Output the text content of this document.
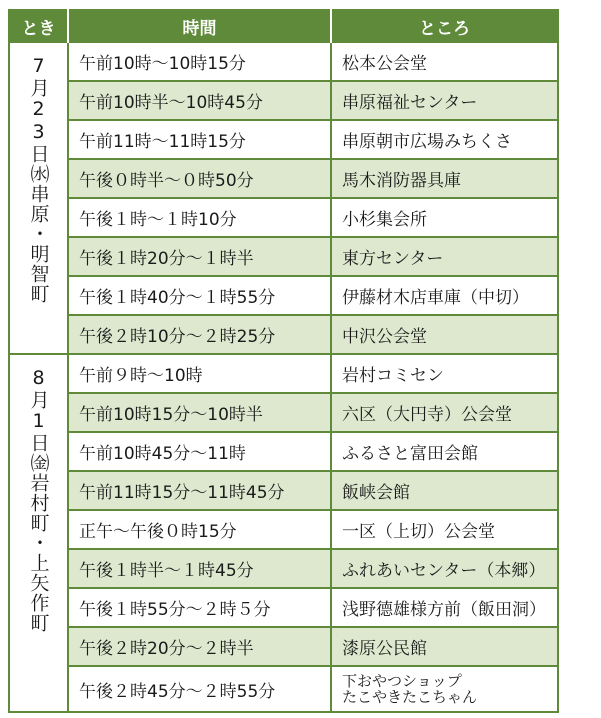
とき	時間	ところ
7月23日㈬串原・明智町	午前10時～10時15分	松本公会堂
	午前10時半～10時45分	串原福祉センター
	午前11時～11時15分	串原朝市広場みちくさ
	午後０時半～０時50分	馬木消防器具庫
	午後１時～１時10分	小杉集会所
	午後１時20分～１時半	東方センター
	午後１時40分～１時55分	伊藤材木店車庫（中切）
	午後２時10分～２時25分	中沢公会堂
8月1日㈮岩村町・上矢作町	午前９時～10時	岩村コミセン
	午前10時15分～10時半	六区（大円寺）公会堂
	午前10時45分～11時	ふるさと富田会館
	午前11時15分～11時45分	飯峡会館
	正午～午後０時15分	一区（上切）公会堂
	午後１時半～１時45分	ふれあいセンター（本郷）
	午後１時55分～２時５分	浅野德雄様方前（飯田洞）
	午後２時20分～２時半	漆原公民館
	午後２時45分～２時55分	下おやつショップ
たこやきたこちゃん
